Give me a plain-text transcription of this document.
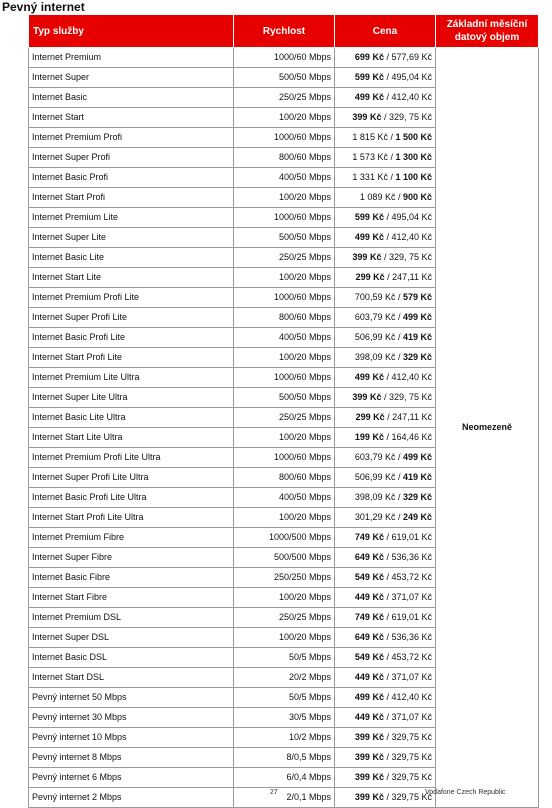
Pevný internet
Typ služby	Rychlost	Cena	Základní měsíční datový objem
Internet Premium	1000/60 Mbps	699 Kč / 577,69 Kč	Neomezeně
Internet Super	500/50 Mbps	599 Kč / 495,04 Kč	
Internet Basic	250/25 Mbps	499 Kč / 412,40 Kč	
Internet Start	100/20 Mbps	399 Kč / 329, 75 Kč	
Internet Premium Profi	1000/60 Mbps	1 815 Kč / 1 500 Kč	
Internet Super Profi	800/60 Mbps	1 573 Kč / 1 300 Kč	
Internet Basic Profi	400/50 Mbps	1 331 Kč / 1 100 Kč	
Internet Start Profi	100/20 Mbps	1 089 Kč / 900 Kč	
Internet Premium Lite	1000/60 Mbps	599 Kč / 495,04 Kč	
Internet Super Lite	500/50 Mbps	499 Kč / 412,40 Kč	
Internet Basic Lite	250/25 Mbps	399 Kč / 329, 75 Kč	
Internet Start Lite	100/20 Mbps	299 Kč / 247,11 Kč	
Internet Premium Profi Lite	1000/60 Mbps	700,59 Kč / 579 Kč	
Internet Super Profi Lite	800/60 Mbps	603,79 Kč / 499 Kč	
Internet Basic Profi Lite	400/50 Mbps	506,99 Kč / 419 Kč	
Internet Start Profi Lite	100/20 Mbps	398,09 Kč / 329 Kč	
Internet Premium Lite Ultra	1000/60 Mbps	499 Kč / 412,40 Kč	
Internet Super Lite Ultra	500/50 Mbps	399 Kč / 329, 75 Kč	
Internet Basic Lite Ultra	250/25 Mbps	299 Kč / 247,11 Kč	
Internet Start Lite Ultra	100/20 Mbps	199 Kč / 164,46 Kč	
Internet Premium Profi Lite Ultra	1000/60 Mbps	603,79 Kč / 499 Kč	
Internet Super Profi Lite Ultra	800/60 Mbps	506,99 Kč / 419 Kč	
Internet Basic Profi Lite Ultra	400/50 Mbps	398,09 Kč / 329 Kč	
Internet Start Profi Lite Ultra	100/20 Mbps	301,29 Kč / 249 Kč	
Internet Premium Fibre	1000/500 Mbps	749 Kč / 619,01 Kč	
Internet Super Fibre	500/500 Mbps	649 Kč / 536,36 Kč	
Internet Basic Fibre	250/250 Mbps	549 Kč / 453,72 Kč	
Internet Start Fibre	100/20 Mbps	449 Kč / 371,07 Kč	
Internet Premium DSL	250/25 Mbps	749 Kč / 619,01 Kč	
Internet Super DSL	100/20 Mbps	649 Kč / 536,36 Kč	
Internet Basic DSL	50/5 Mbps	549 Kč / 453,72 Kč	
Internet Start DSL	20/2 Mbps	449 Kč / 371,07 Kč	
Pevný internet 50 Mbps	50/5 Mbps	499 Kč / 412,40 Kč	
Pevný internet 30 Mbps	30/5 Mbps	449 Kč / 371,07 Kč	
Pevný internet 10 Mbps	10/2 Mbps	399 Kč / 329,75 Kč	
Pevný internet 8 Mbps	8/0,5 Mbps	399 Kč / 329,75 Kč	
Pevný internet 6 Mbps	6/0,4 Mbps	399 Kč / 329,75 Kč	
Pevný internet 2 Mbps	2/0,1 Mbps	399 Kč / 329,75 Kč	
27	Vodafone Czech Republic
